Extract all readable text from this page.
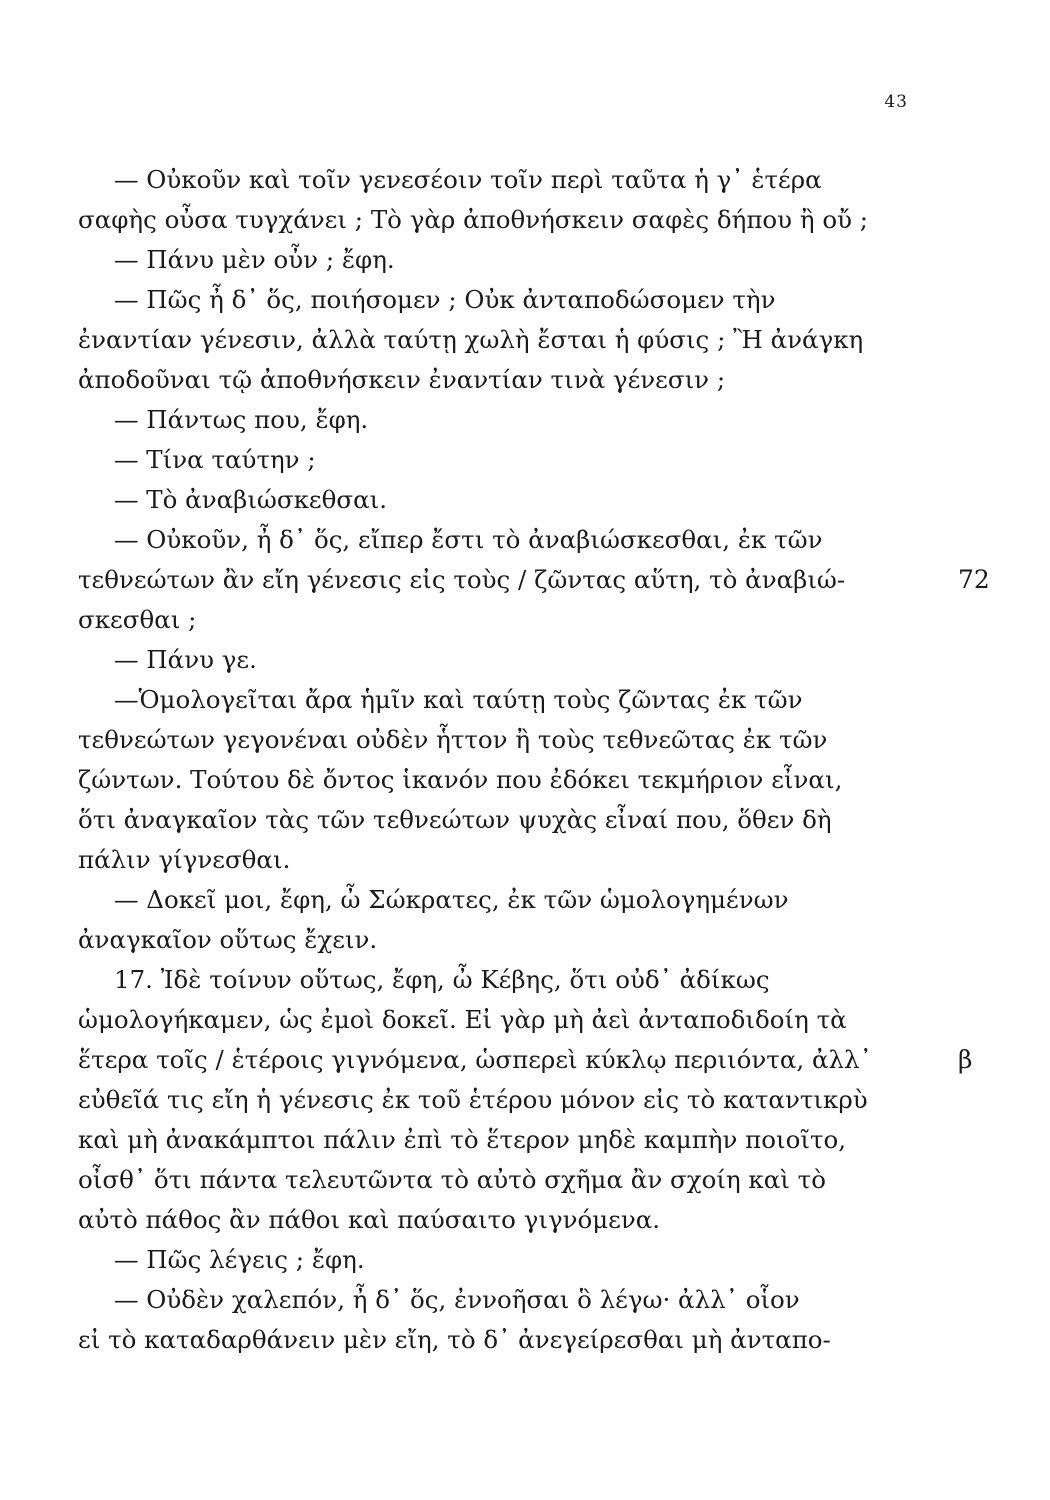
43
— Οὐκοῦν καὶ τοῖν γενεσέοιν τοῖν περὶ ταῦτα ἡ γ᾽ ἑτέρα
σαφὴς οὖσα τυγχάνει ; Τὸ γὰρ ἀποθνήσκειν σαφὲς δήπου ἢ οὔ ;
— Πάνυ μὲν οὖν ; ἔφη.
— Πῶς ἦ δ᾽ ὅς, ποιήσομεν ; Οὐκ ἀνταποδώσομεν τὴν
ἐναντίαν γένεσιν, ἀλλὰ ταύτῃ χωλὴ ἔσται ἡ φύσις ; Ἢ ἀνάγκη
ἀποδοῦναι τῷ ἀποθνήσκειν ἐναντίαν τινὰ γένεσιν ;
— Πάντως που, ἔφη.
— Τίνα ταύτην ;
— Τὸ ἀναβιώσκεθσαι.
— Οὐκοῦν, ἦ δ᾽ ὅς, εἴπερ ἔστι τὸ ἀναβιώσκεσθαι, ἐκ τῶν
τεθνεώτων ἂν εἴη γένεσις εἰς τοὺς / ζῶντας αὕτη, τὸ ἀναβιώ-	72
σκεσθαι ;
— Πάνυ γε.
—Ὁμολογεῖται ἄρα ἡμῖν καὶ ταύτῃ τοὺς ζῶντας ἐκ τῶν
τεθνεώτων γεγονέναι οὐδὲν ἧττον ἢ τοὺς τεθνεῶτας ἐκ τῶν
ζώντων. Τούτου δὲ ὄντος ἱκανόν που ἐδόκει τεκμήριον εἶναι,
ὅτι ἀναγκαῖον τὰς τῶν τεθνεώτων ψυχὰς εἶναί που, ὅθεν δὴ
πάλιν γίγνεσθαι.
— Δοκεῖ μοι, ἔφη, ὦ Σώκρατες, ἐκ τῶν ὡμολογημένων
ἀναγκαῖον οὕτως ἔχειν.
17. Ἰδὲ τοίνυν οὕτως, ἔφη, ὦ Κέβης, ὅτι οὐδ᾽ ἀδίκως
ὡμολογήκαμεν, ὡς ἐμοὶ δοκεῖ. Εἰ γὰρ μὴ ἀεὶ ἀνταποδιδοίη τὰ
ἕτερα τοῖς / ἑτέροις γιγνόμενα, ὡσπερεὶ κύκλῳ περιιόντα, ἀλλ᾽	β
εὐθεῖά τις εἴη ἡ γένεσις ἐκ τοῦ ἑτέρου μόνον εἰς τὸ καταντικρὺ
καὶ μὴ ἀνακάμπτοι πάλιν ἐπὶ τὸ ἕτερον μηδὲ καμπὴν ποιοῖτο,
οἶσθ᾽ ὅτι πάντα τελευτῶντα τὸ αὐτὸ σχῆμα ἂν σχοίη καὶ τὸ
αὐτὸ πάθος ἂν πάθοι καὶ παύσαιτο γιγνόμενα.
— Πῶς λέγεις ; ἔφη.
— Οὐδὲν χαλεπόν, ἦ δ᾽ ὅς, ἐννοῆσαι ὃ λέγω· ἀλλ᾽ οἷον
εἰ τὸ καταδαρθάνειν μὲν εἴη, τὸ δ᾽ ἀνεγείρεσθαι μὴ ἀνταπο-
